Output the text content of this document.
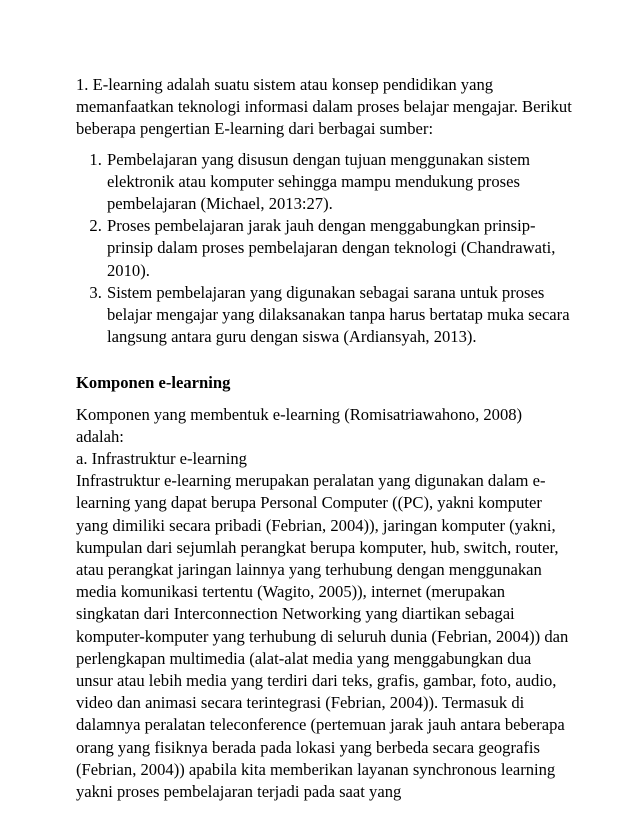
1. E-learning adalah suatu sistem atau konsep pendidikan yang memanfaatkan teknologi informasi dalam proses belajar mengajar. Berikut beberapa pengertian E-learning dari berbagai sumber:

1. Pembelajaran yang disusun dengan tujuan menggunakan sistem elektronik atau komputer sehingga mampu mendukung proses pembelajaran (Michael, 2013:27).
2. Proses pembelajaran jarak jauh dengan menggabungkan prinsip-prinsip dalam proses pembelajaran dengan teknologi (Chandrawati, 2010).
3. Sistem pembelajaran yang digunakan sebagai sarana untuk proses belajar mengajar yang dilaksanakan tanpa harus bertatap muka secara langsung antara guru dengan siswa (Ardiansyah, 2013).
Komponen e-learning

Komponen yang membentuk e-learning (Romisatriawahono, 2008) adalah:

a. Infrastruktur e-learning

Infrastruktur e-learning merupakan peralatan yang digunakan dalam e-learning yang dapat berupa Personal Computer ((PC), yakni komputer yang dimiliki secara pribadi (Febrian, 2004)), jaringan komputer (yakni, kumpulan dari sejumlah perangkat berupa komputer, hub, switch, router, atau perangkat jaringan lainnya yang terhubung dengan menggunakan media komunikasi tertentu (Wagito, 2005)), internet (merupakan singkatan dari Interconnection Networking yang diartikan sebagai komputer-komputer yang terhubung di seluruh dunia (Febrian, 2004)) dan perlengkapan multimedia (alat-alat media yang menggabungkan dua unsur atau lebih media yang terdiri dari teks, grafis, gambar, foto, audio, video dan animasi secara terintegrasi (Febrian, 2004)). Termasuk di dalamnya peralatan teleconference (pertemuan jarak jauh antara beberapa orang yang fisiknya berada pada lokasi yang berbeda secara geografis (Febrian, 2004)) apabila kita memberikan layanan synchronous learning yakni proses pembelajaran terjadi pada saat yang
